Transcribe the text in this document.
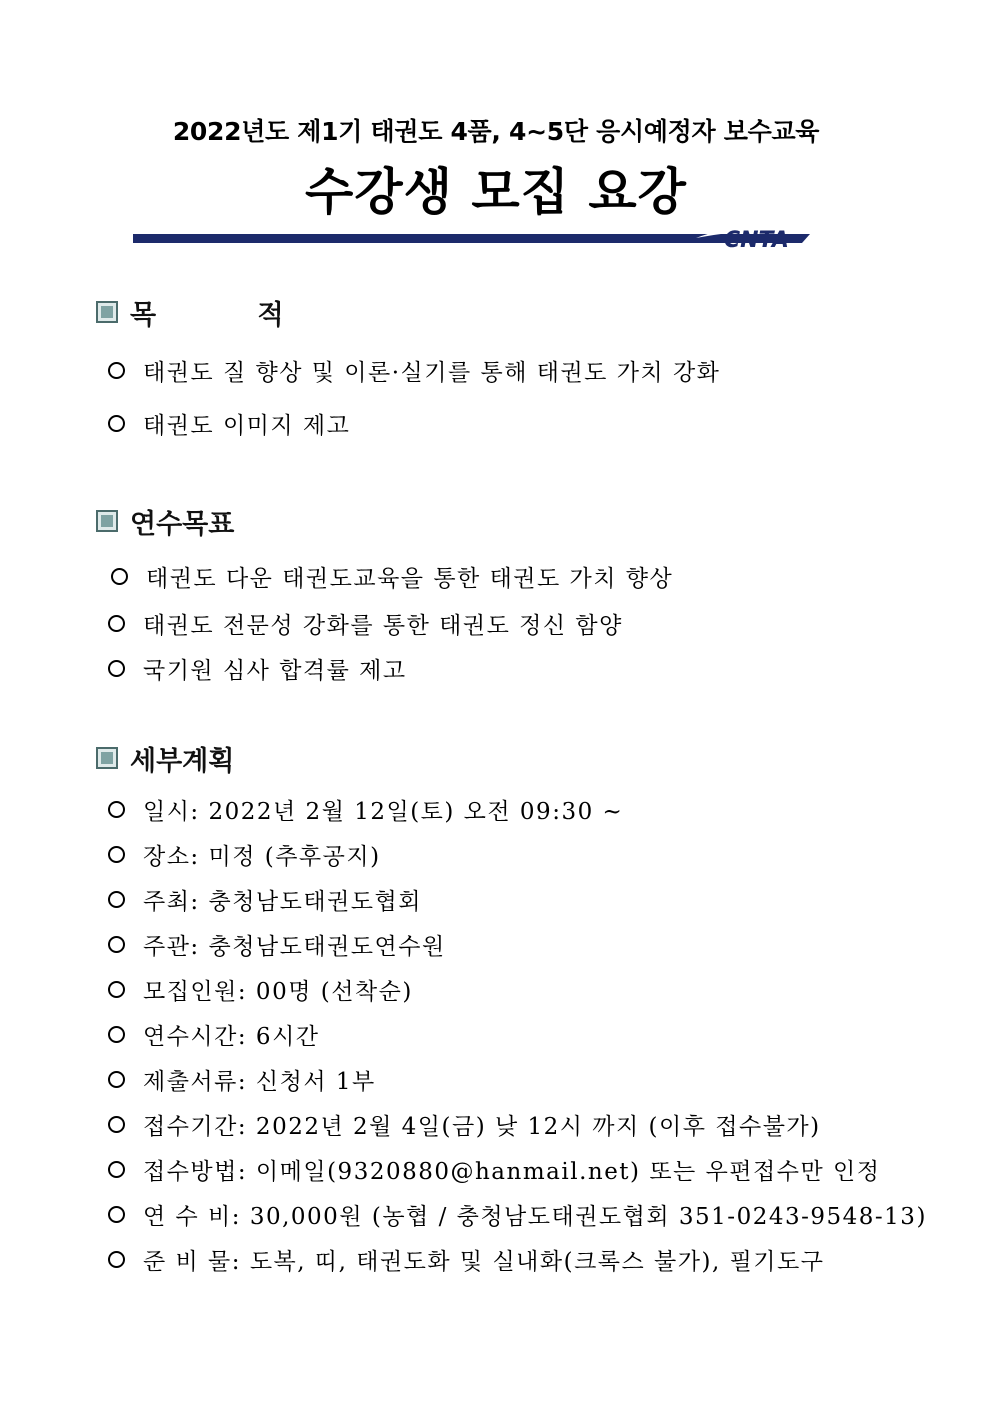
2022년도 제1기 태권도 4품, 4~5단 응시예정자 보수교육
수강생 모집 요강
CNTA
목 적
태권도 질 향상 및 이론·실기를 통해 태권도 가치 강화
태권도 이미지 제고
연수목표
태권도 다운 태권도교육을 통한 태권도 가치 향상
태권도 전문성 강화를 통한 태권도 정신 함양
국기원 심사 합격률 제고
세부계획
일시: 2022년 2월 12일(토) 오전 09:30 ~
장소: 미정 (추후공지)
주최: 충청남도태권도협회
주관: 충청남도태권도연수원
모집인원: 00명 (선착순)
연수시간: 6시간
제출서류: 신청서 1부
접수기간: 2022년 2월 4일(금) 낮 12시 까지 (이후 접수불가)
접수방법: 이메일(9320880@hanmail.net) 또는 우편접수만 인정
연 수 비: 30,000원 (농협 / 충청남도태권도협회 351-0243-9548-13)
준 비 물: 도복, 띠, 태권도화 및 실내화(크록스 불가), 필기도구
